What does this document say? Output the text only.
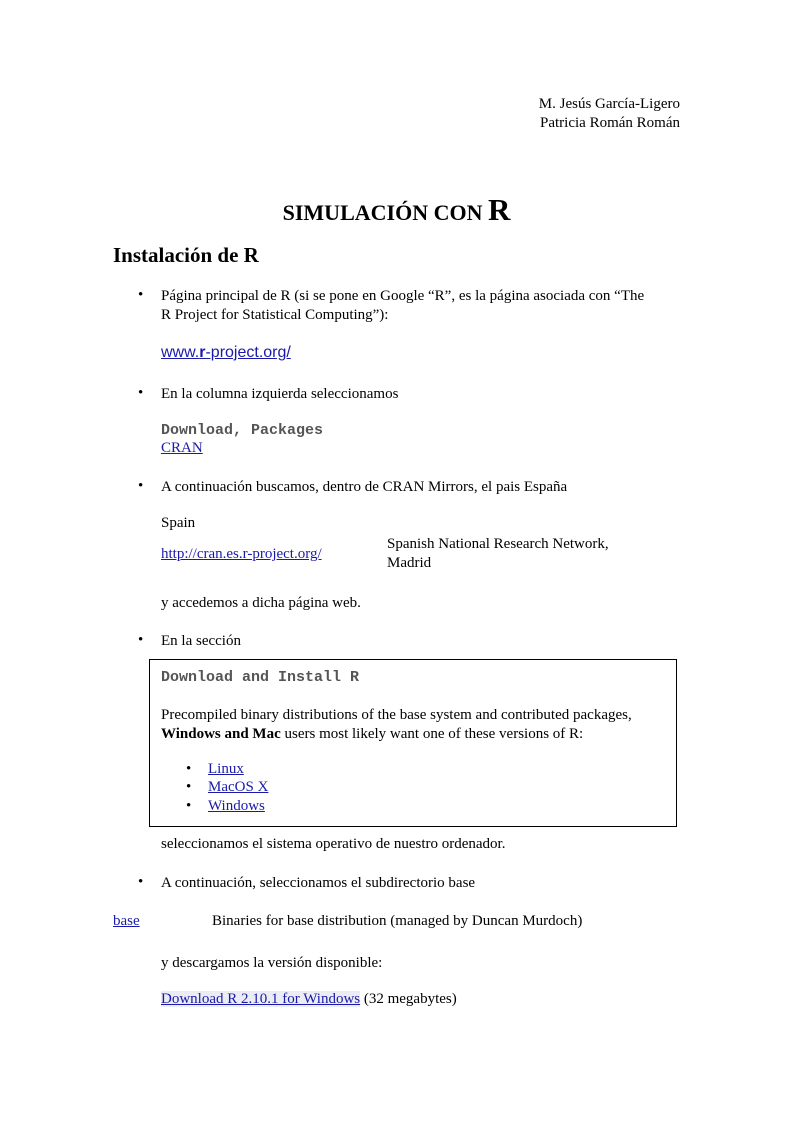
M. Jesús García-Ligero
Patricia Román Román
SIMULACIÓN CON R
Instalación de R
• Página principal de R (si se pone en Google “R”, es la página asociada con “The
R Project for Statistical Computing”):
www.r-project.org/
• En la columna izquierda seleccionamos
Download, Packages
CRAN
• A continuación buscamos, dentro de CRAN Mirrors, el pais España
Spain
http://cran.es.r-project.org/
Spanish National Research Network,
Madrid
y accedemos a dicha página web.
• En la sección
Download and Install R
Precompiled binary distributions of the base system and contributed packages,
Windows and Mac users most likely want one of these versions of R:
• Linux
• MacOS X
• Windows
seleccionamos el sistema operativo de nuestro ordenador.
• A continuación, seleccionamos el subdirectorio base
base	Binaries for base distribution (managed by Duncan Murdoch)
y descargamos la versión disponible:
Download R 2.10.1 for Windows (32 megabytes)
